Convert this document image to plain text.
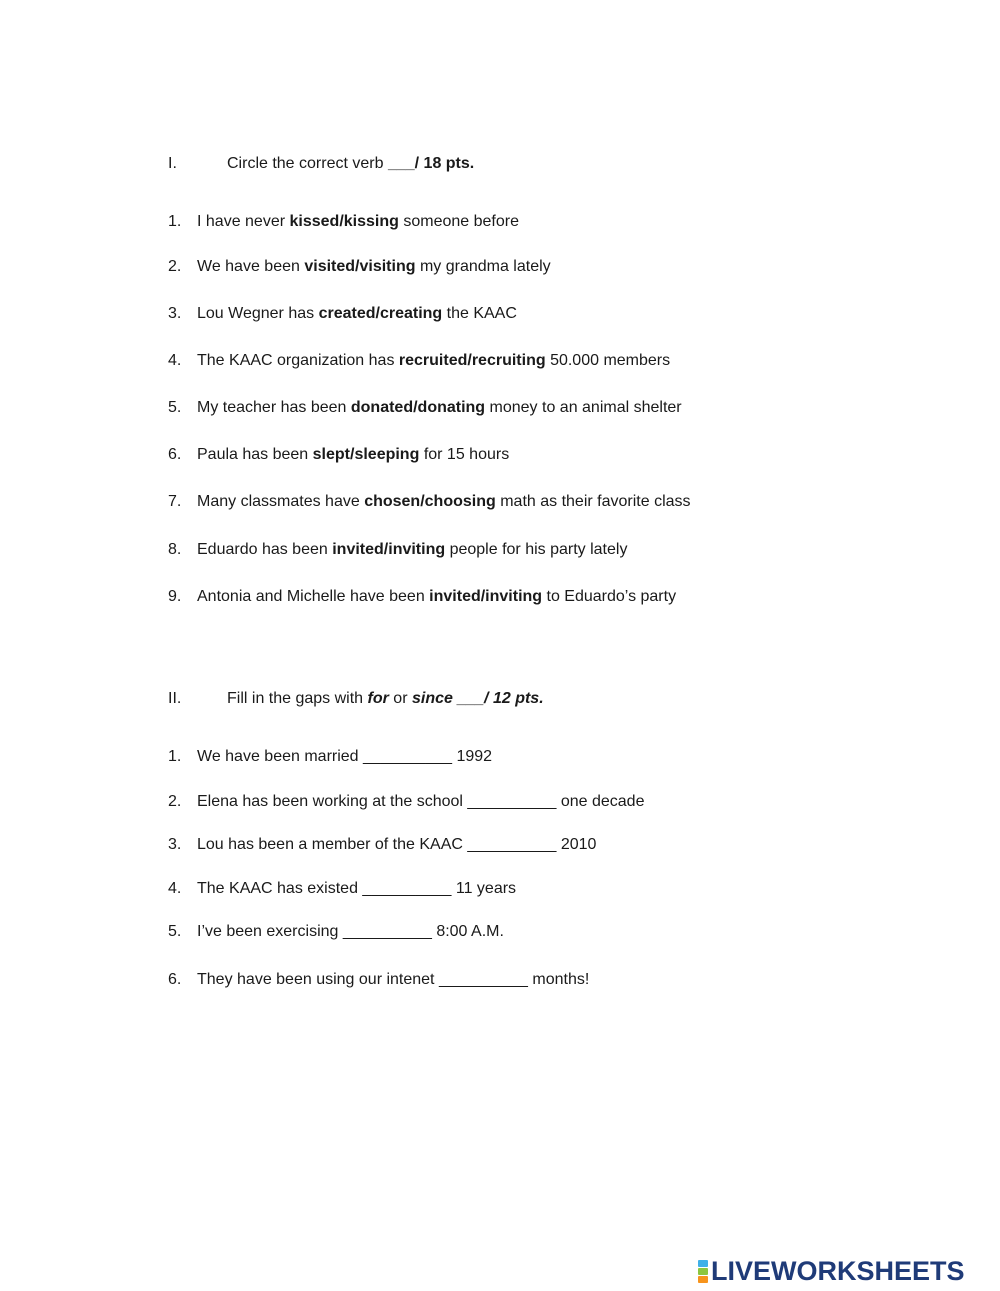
I.	Circle the correct verb ___/ 18 pts.
1. I have never kissed/kissing someone before
2. We have been visited/visiting my grandma lately
3. Lou Wegner has created/creating the KAAC
4. The KAAC organization has recruited/recruiting 50.000 members
5. My teacher has been donated/donating money to an animal shelter
6. Paula has been slept/sleeping for 15 hours
7. Many classmates have chosen/choosing math as their favorite class
8. Eduardo has been invited/inviting people for his party lately
9. Antonia and Michelle have been invited/inviting to Eduardo’s party
II.	Fill in the gaps with for or since ___/ 12 pts.
1. We have been married __________ 1992
2. Elena has been working at the school __________ one decade
3. Lou has been a member of the KAAC __________ 2010
4. The KAAC has existed __________ 11 years
5. I’ve been exercising __________ 8:00 A.M.
6. They have been using our intenet __________ months!
LIVEWORKSHEETS
